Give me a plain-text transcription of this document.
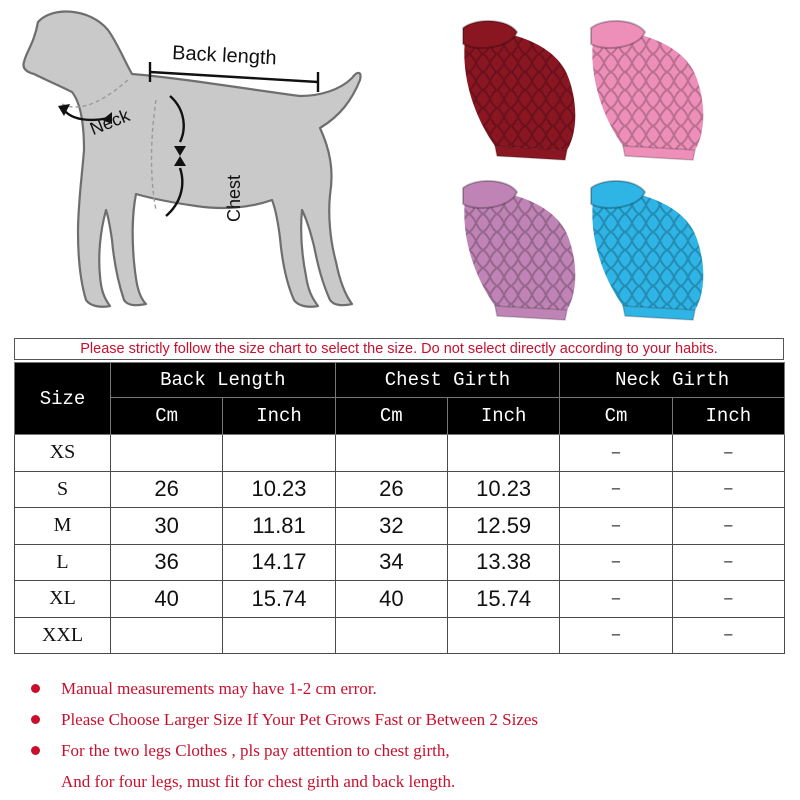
Neck
Back length
Chest
Please strictly follow the size chart to select the size. Do not select directly according to your habits.
Size	Back Length		Chest Girth		Neck Girth	
	Cm	Inch	Cm	Inch	Cm	Inch
XS					–	–
S	26	10.23	26	10.23	–	–
M	30	11.81	32	12.59	–	–
L	36	14.17	34	13.38	–	–
XL	40	15.74	40	15.74	–	–
XXL					–	–
Manual measurements may have 1-2 cm error.
Please Choose Larger Size If Your Pet Grows Fast or Between 2 Sizes
For the two legs Clothes , pls pay attention to chest girth,
And for four legs, must fit for chest girth and back length.
